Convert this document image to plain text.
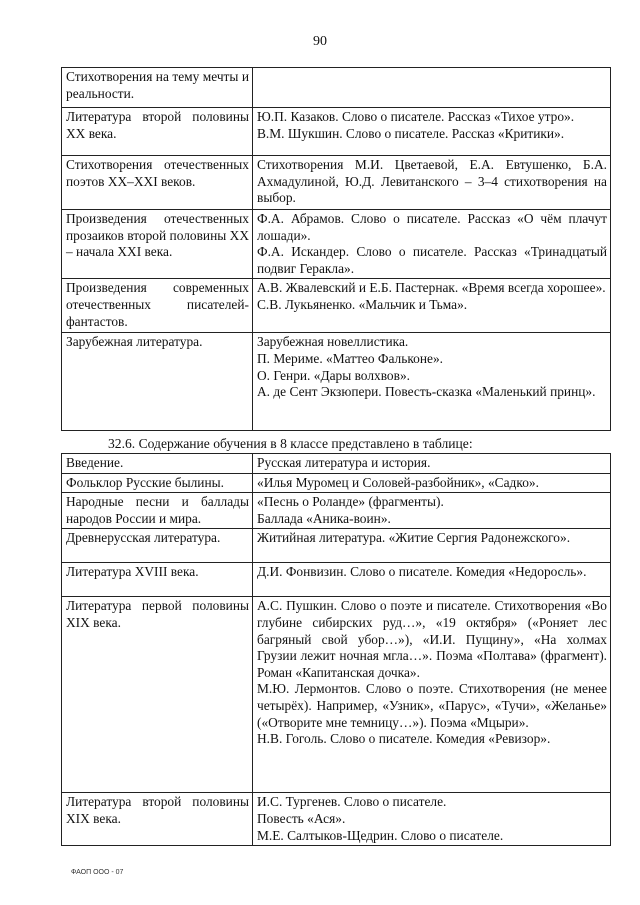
90
Стихотворения на тему мечты и реальности.	
Литература второй половины XX века.	Ю.П. Казаков. Слово о писателе. Рассказ «Тихое утро».

В.М. Шукшин. Слово о писателе. Рассказ «Критики».

Стихотворения отечественных поэтов XX–XXI веков.	Стихотворения М.И. Цветаевой, Е.А. Евтушенко, Б.А. Ахмадулиной, Ю.Д. Левитанского – 3–4 стихотворения на выбор.

Произведения отечественных прозаиков второй половины XX – начала XXI века.	Ф.А. Абрамов. Слово о писателе. Рассказ «О чём плачут лошади».

Ф.А. Искандер. Слово о писателе. Рассказ «Тринадцатый подвиг Геракла».

Произведения современных отечественных писателей-фантастов.	А.В. Жвалевский и Е.Б. Пастернак. «Время всегда хорошее».

С.В. Лукьяненко. «Мальчик и Тьма».

Зарубежная литература.	Зарубежная новеллистика.

П. Мериме. «Маттео Фальконе».

О. Генри. «Дары волхвов».

А. де Сент Экзюпери. Повесть-сказка «Маленький принц».

32.6. Содержание обучения в 8 классе представлено в таблице:
Введение.	Русская литература и история.

Фольклор Русские былины.	«Илья Муромец и Соловей-разбойник», «Садко».

Народные песни и баллады народов России и мира.	«Песнь о Роланде» (фрагменты).

Баллада «Аника-воин».

Древнерусская литература.	Житийная литература. «Житие Сергия Радонежского».

Литература XVIII века.	Д.И. Фонвизин. Слово о писателе. Комедия «Недоросль».

Литература первой половины XIX века.	А.С. Пушкин. Слово о поэте и писателе. Стихотворения «Во глубине сибирских руд…», «19 октября» («Роняет лес багряный свой убор…»), «И.И. Пущину», «На холмах Грузии лежит ночная мгла…». Поэма «Полтава» (фрагмент). Роман «Капитанская дочка».

М.Ю. Лермонтов. Слово о поэте. Стихотворения (не менее четырёх). Например, «Узник», «Парус», «Тучи», «Желанье» («Отворите мне темницу…»). Поэма «Мцыри».

Н.В. Гоголь. Слово о писателе. Комедия «Ревизор».

Литература второй половины XIX века.	И.С. Тургенев. Слово о писателе.

Повесть «Ася».

М.Е. Салтыков-Щедрин. Слово о писателе.

ФАОП ООО - 07
